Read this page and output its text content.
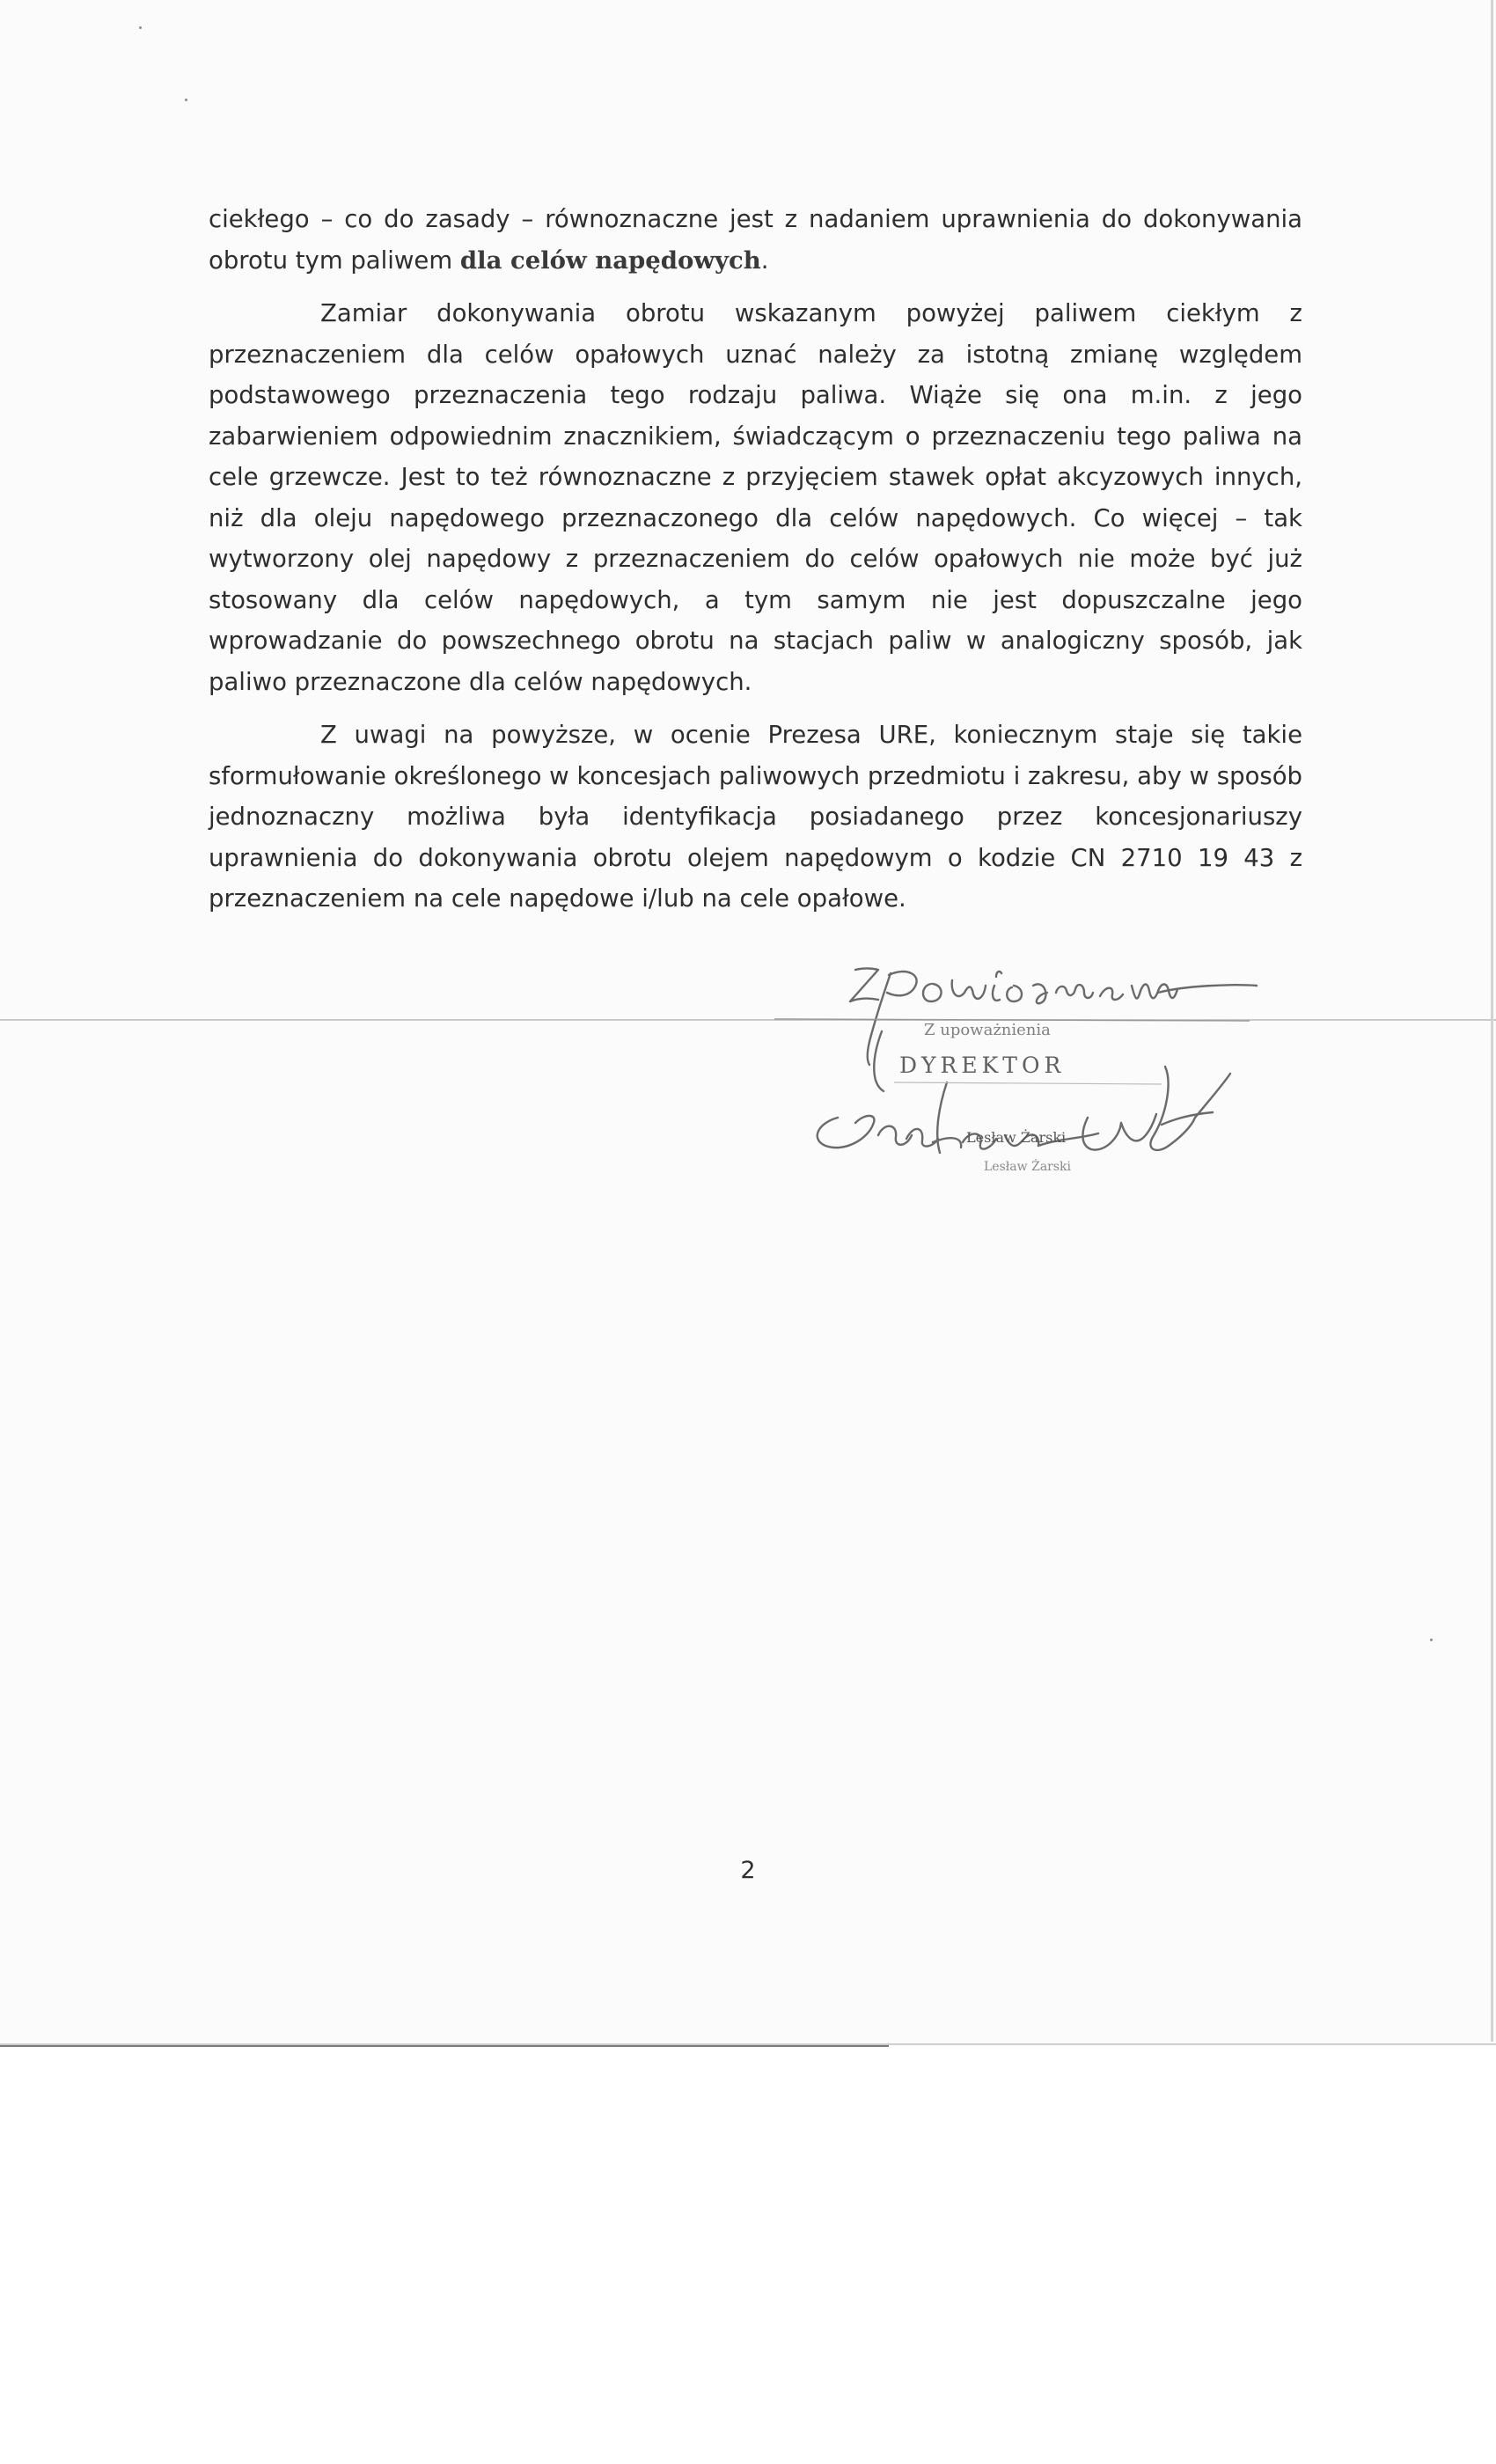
ciekłego – co do zasady – równoznaczne jest z nadaniem uprawnienia do dokonywania obrotu tym paliwem dla celów napędowych.

Zamiar dokonywania obrotu wskazanym powyżej paliwem ciekłym z przeznaczeniem dla celów opałowych uznać należy za istotną zmianę względem podstawowego przeznaczenia tego rodzaju paliwa. Wiąże się ona m.in. z jego zabarwieniem odpowiednim znacznikiem, świadczącym o przeznaczeniu tego paliwa na cele grzewcze. Jest to też równoznaczne z przyjęciem stawek opłat akcyzowych innych, niż dla oleju napędowego przeznaczonego dla celów napędowych. Co więcej – tak wytworzony olej napędowy z przeznaczeniem do celów opałowych nie może być już stosowany dla celów napędowych, a tym samym nie jest dopuszczalne jego wprowadzanie do powszechnego obrotu na stacjach paliw w analogiczny sposób, jak paliwo przeznaczone dla celów napędowych.

Z uwagi na powyższe, w ocenie Prezesa URE, koniecznym staje się takie sformułowanie określonego w koncesjach paliwowych przedmiotu i zakresu, aby w sposób jednoznaczny możliwa była identyfikacja posiadanego przez koncesjonariuszy uprawnienia do dokonywania obrotu olejem napędowym o kodzie CN 2710 19 43 z przeznaczeniem na cele napędowe i/lub na cele opałowe.

Z upoważnienia
Lesław Żarski
DYREKTOR
Lesław Żarski
2
